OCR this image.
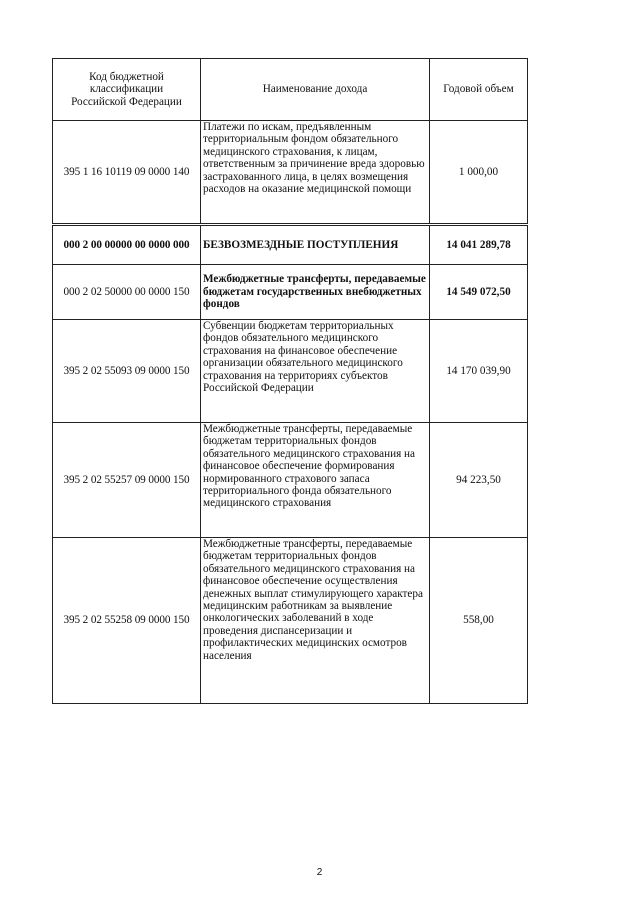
Код бюджетной классификации Российской Федерации	Наименование дохода	Годовой объем
395 1 16 10119 09 0000 140	Платежи по искам, предъявленным территориальным фондом обязательного медицинского страхования, к лицам, ответственным за причинение вреда здоровью застрахованного лица, в целях возмещения расходов на оказание медицинской помощи	1 000,00
000 2 00 00000 00 0000 000	БЕЗВОЗМЕЗДНЫЕ ПОСТУПЛЕНИЯ	14 041 289,78
000 2 02 50000 00 0000 150	Межбюджетные трансферты, передаваемые бюджетам государственных внебюджетных фондов	14 549 072,50
395 2 02 55093 09 0000 150	Субвенции бюджетам территориальных фондов обязательного медицинского страхования на финансовое обеспечение организации обязательного медицинского страхования на территориях субъектов Российской Федерации	14 170 039,90
395 2 02 55257 09 0000 150	Межбюджетные трансферты, передаваемые бюджетам территориальных фондов обязательного медицинского страхования на финансовое обеспечение формирования нормированного страхового запаса территориального фонда обязательного медицинского страхования	94 223,50
395 2 02 55258 09 0000 150	Межбюджетные трансферты, передаваемые бюджетам территориальных фондов обязательного медицинского страхования на финансовое обеспечение осуществления денежных выплат стимулирующего характера медицинским работникам за выявление онкологических заболеваний в ходе проведения диспансеризации и профилактических медицинских осмотров населения	558,00
2
